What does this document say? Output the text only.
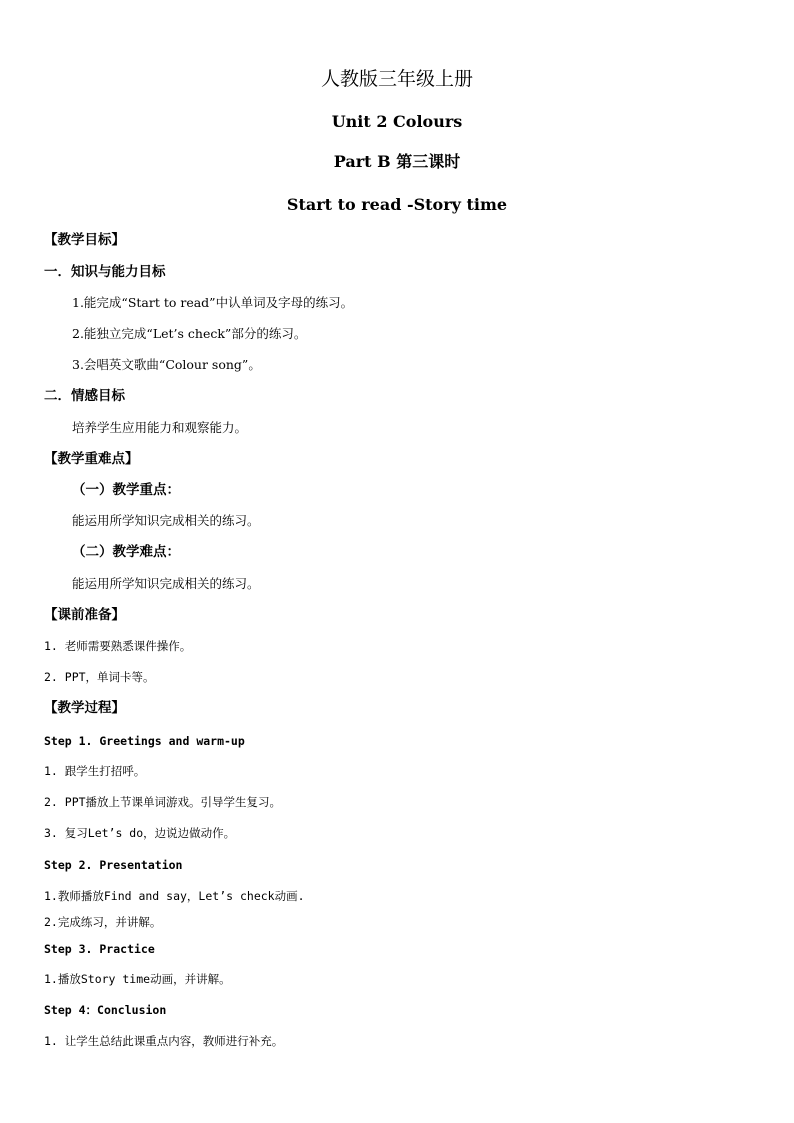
人教版三年级上册
Unit 2 Colours
Part B 第三课时
Start to read -Story time
【教学目标】
一．知识与能力目标
1.能完成“Start to read”中认单词及字母的练习。
2.能独立完成“Let’s check”部分的练习。
3.会唱英文歌曲“Colour song”。
二．情感目标
培养学生应用能力和观察能力。
【教学重难点】
（一）教学重点：
能运用所学知识完成相关的练习。
（二）教学难点：
能运用所学知识完成相关的练习。
【课前准备】
1. 老师需要熟悉课件操作。
2. PPT，单词卡等。
【教学过程】
Step 1. Greetings and warm-up
1. 跟学生打招呼。
2. PPT播放上节课单词游戏。引导学生复习。
3. 复习Let’s do，边说边做动作。
Step 2. Presentation
1.教师播放Find and say，Let’s check动画.
2.完成练习，并讲解。
Step 3. Practice
1.播放Story time动画，并讲解。
Step 4：Conclusion
1. 让学生总结此课重点内容，教师进行补充。
